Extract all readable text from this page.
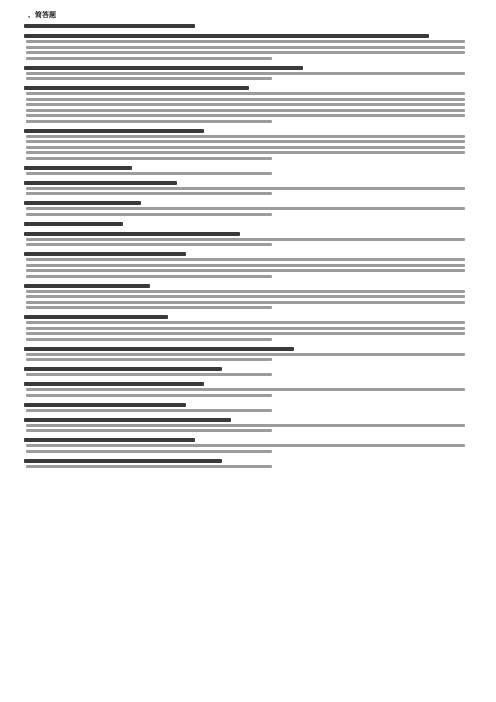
、简答题
